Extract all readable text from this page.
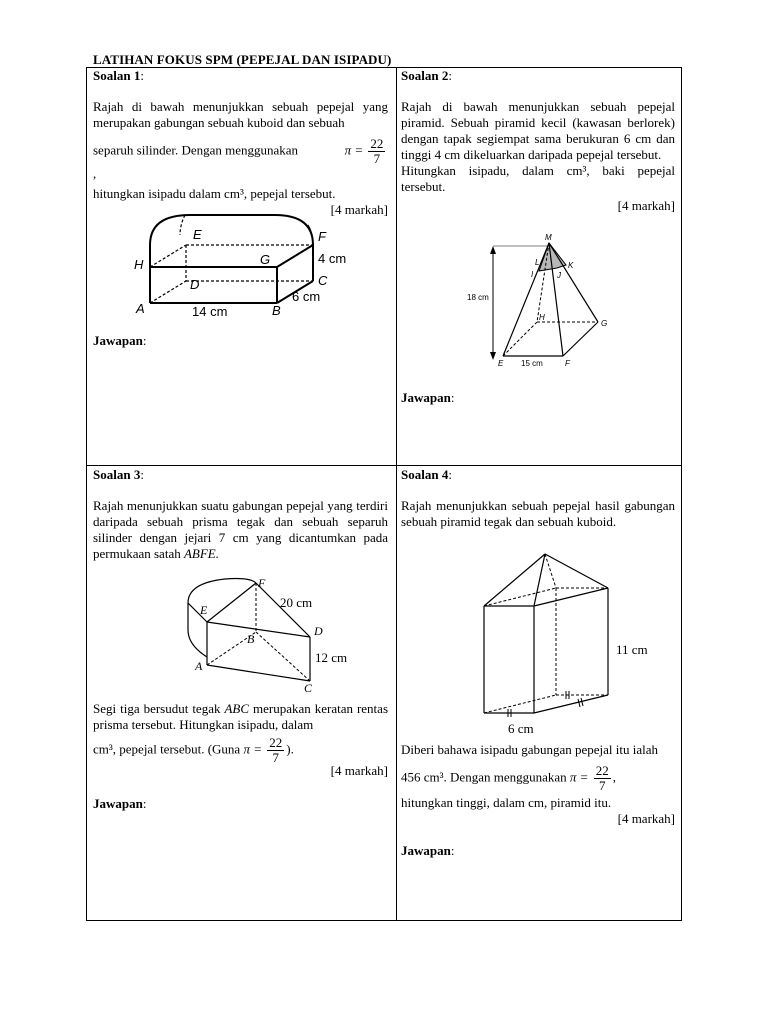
LATIHAN FOKUS SPM (PEPEJAL DAN ISIPADU)

Soalan 1:

Rajah di bawah menunjukkan sebuah pepejal yang merupakan gabungan sebuah kuboid dan sebuah

separuh silinder. Dengan menggunakan	$\pi = \frac{22}{7}$
,

hitungkan isipadu dalam cm³, pepejal tersebut.

[4 markah]

E	F
H	G
D	C
A	B
4 cm
6 cm
14 cm

Jawapan:

Soalan 2:

Rajah di bawah menunjukkan sebuah pepejal piramid. Sebuah piramid kecil (kawasan berlorek) dengan tapak segiempat sama berukuran 6 cm dan tinggi 4 cm dikeluarkan daripada pepejal tersebut.

Hitungkan isipadu, dalam cm³, baki pepejal tersebut.

[4 markah]

18 cm
M
L	K
I	J
H
G
E	F
15 cm

Jawapan:

Soalan 3:

Rajah menunjukkan suatu gabungan pepejal yang terdiri daripada sebuah prisma tegak dan sebuah separuh silinder dengan jejari 7 cm yang dicantumkan pada permukaan satah ABFE.

F
E
B
D
A
C
20 cm
12 cm

Segi tiga bersudut tegak ABC merupakan keratan rentas prisma tersebut. Hitungkan isipadu, dalam

cm³, pepejal tersebut. (Guna $\pi = \frac{22}{7}$ ).

[4 markah]

Jawapan:

Soalan 4:

Rajah menunjukkan sebuah pepejal hasil gabungan sebuah piramid tegak dan sebuah kuboid.

11 cm
6 cm

Diberi bahawa isipadu gabungan pepejal itu ialah

456 cm³. Dengan menggunakan $\pi = \frac{22}{7}$ ,

hitungkan tinggi, dalam cm, piramid itu.

[4 markah]

Jawapan:
